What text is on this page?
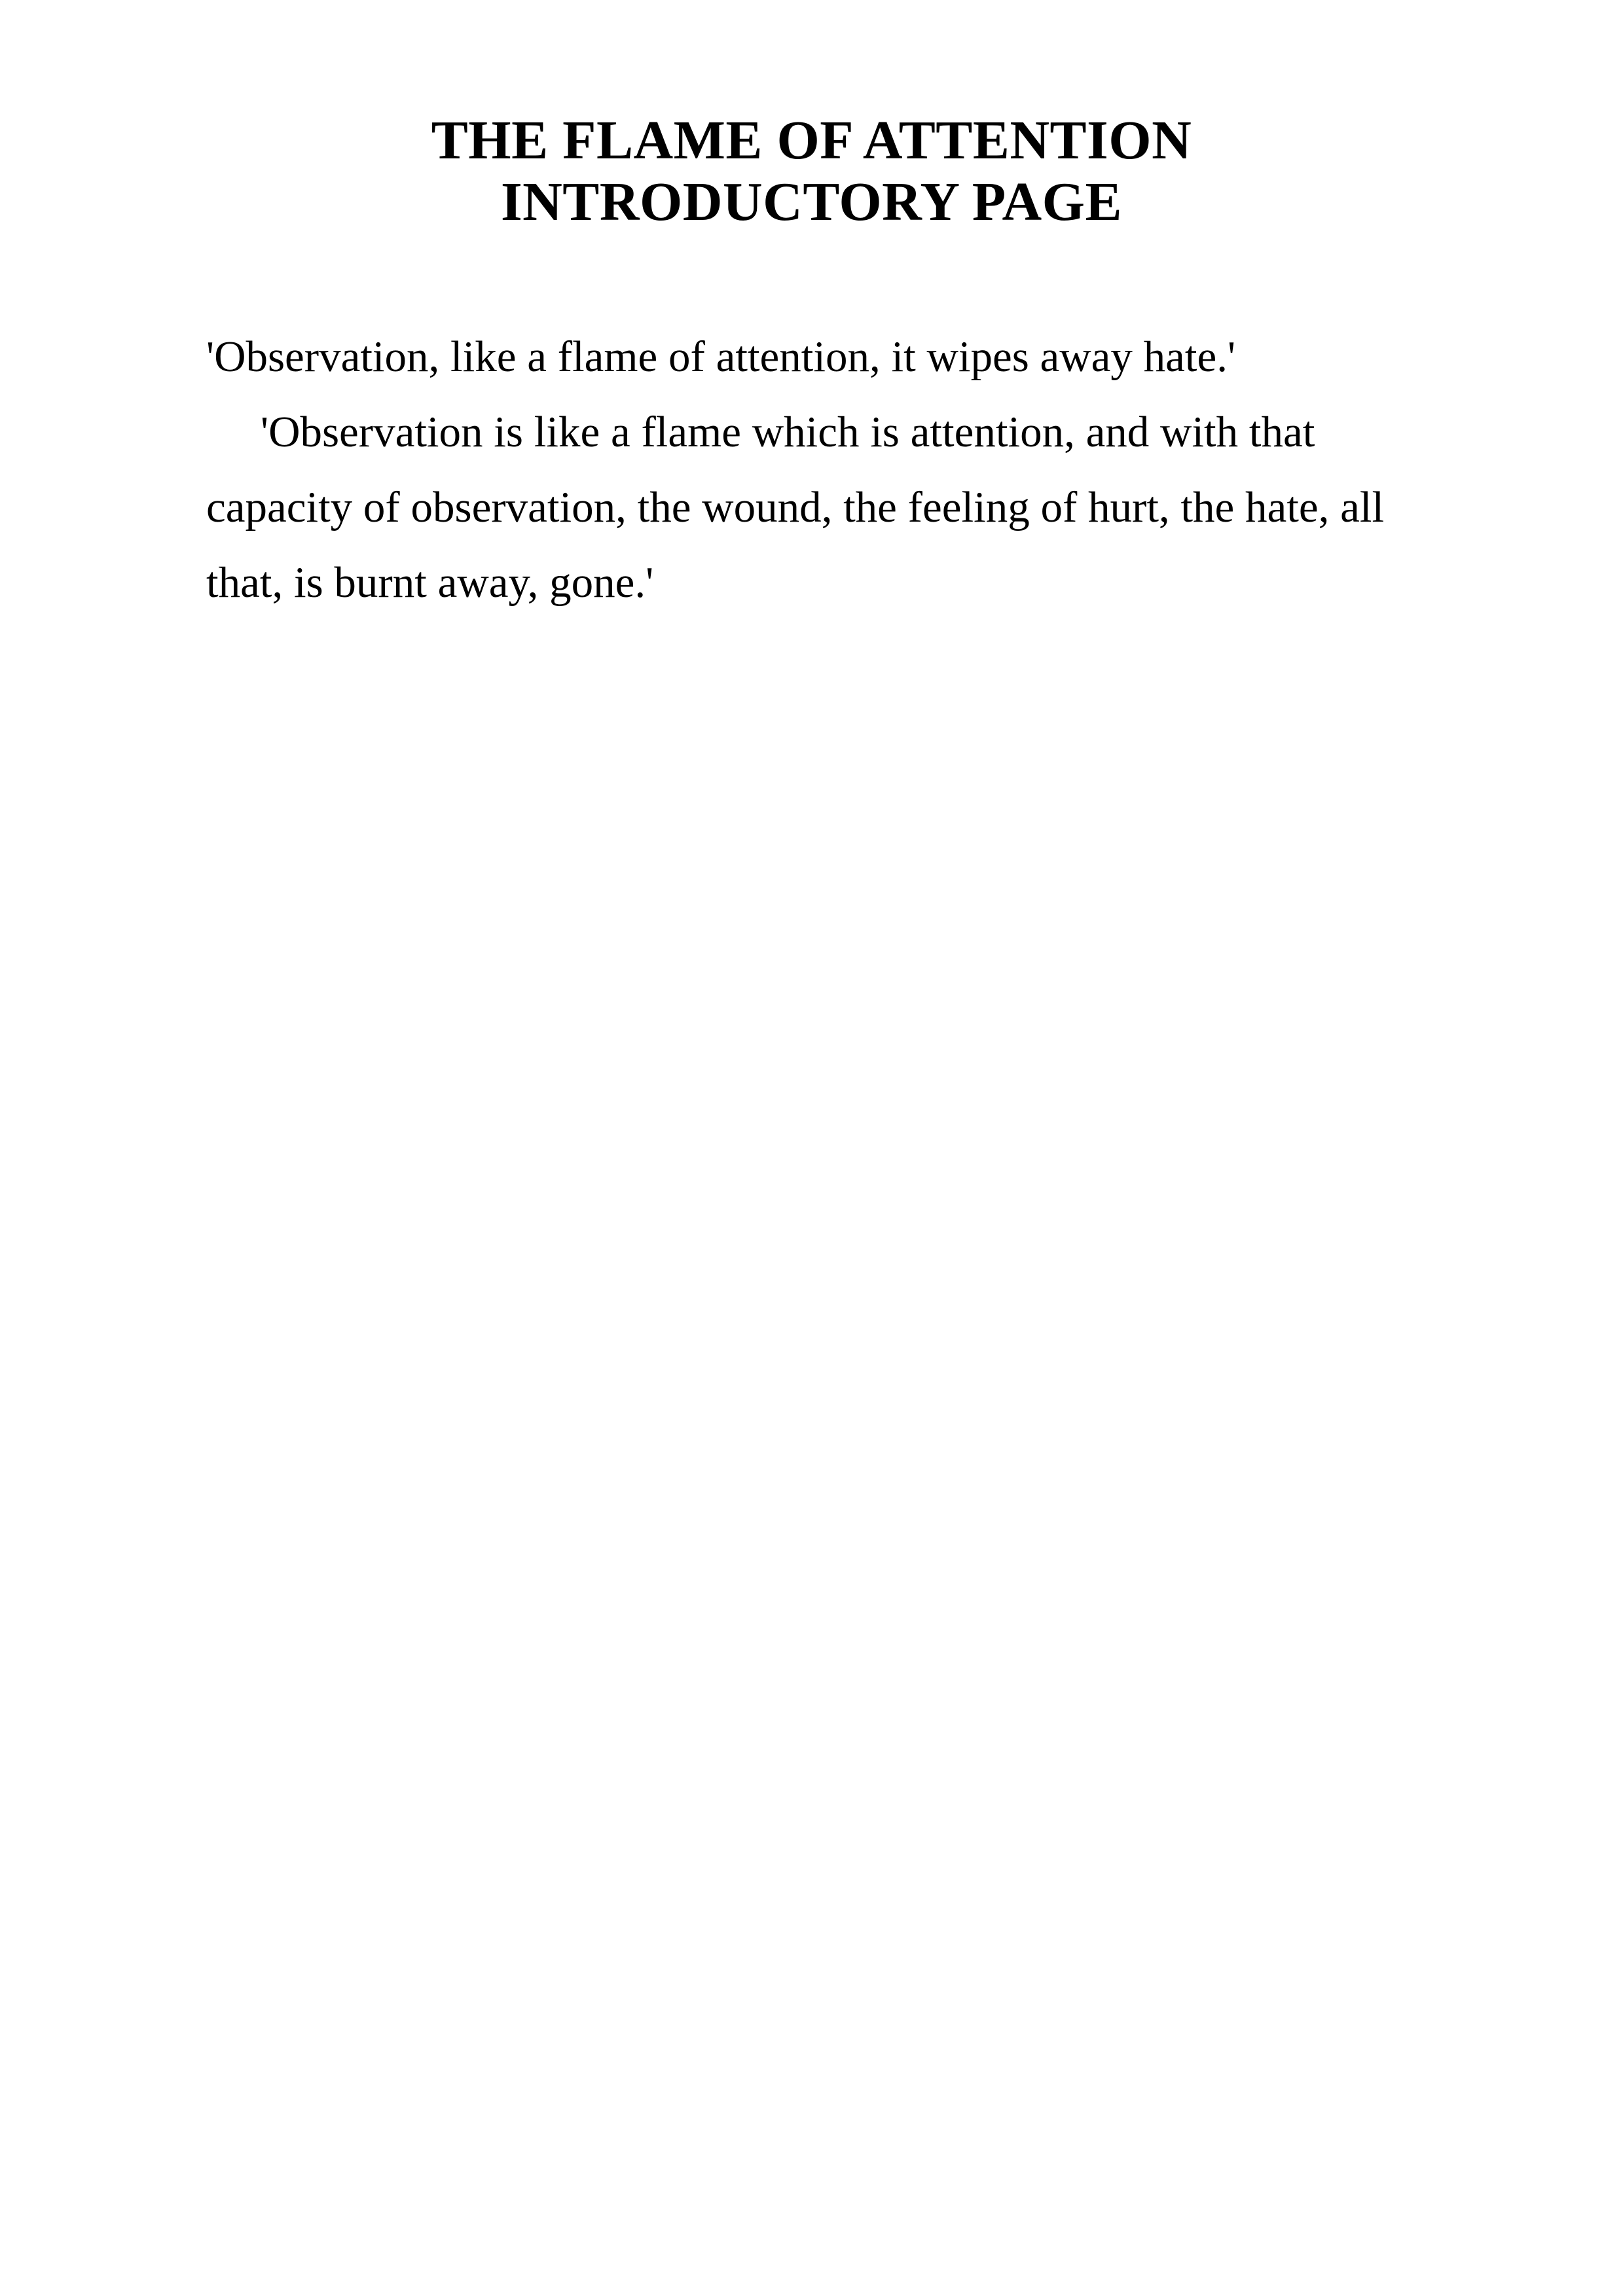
THE FLAME OF ATTENTION INTRODUCTORY PAGE

'Observation, like a flame of attention, it wipes away hate.'

'Observation is like a flame which is attention, and with that capacity of observation, the wound, the feeling of hurt, the hate, all that, is burnt away, gone.'
